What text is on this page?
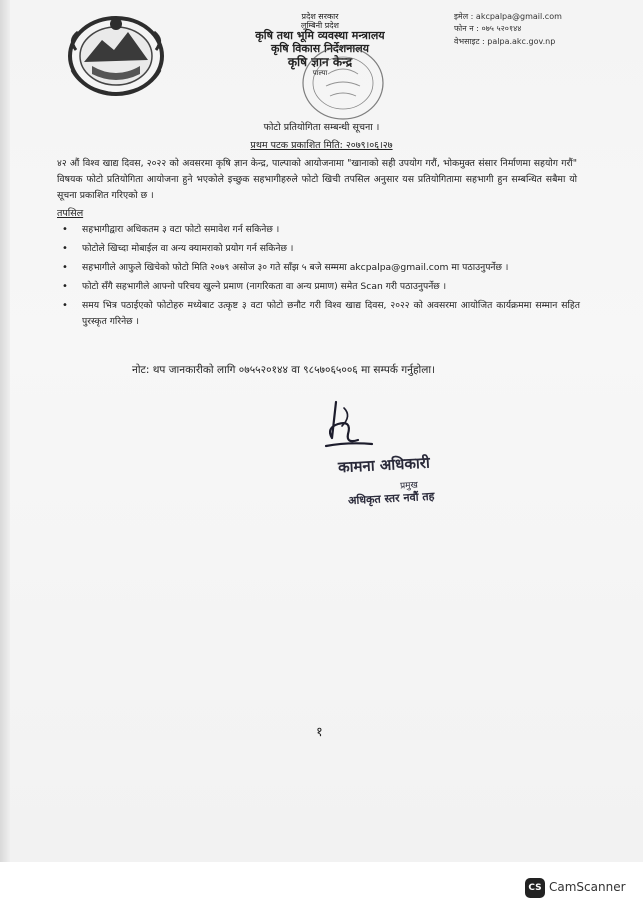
प्रदेश सरकार
लुम्बिनी प्रदेश
कृषि तथा भूमि व्यवस्था मन्त्रालय
कृषि विकास निर्देशनालय
कृषि ज्ञान केन्द्र
पाल्पा
इमेल : akcpalpa@gmail.com
फोन न : ०७५ ५२०१४४
वेभसाइट : palpa.akc.gov.np
फोटो प्रतियोगिता सम्बन्धी सूचना ।
प्रथम पटक प्रकाशित मिति: २०७९।०६।२७
४२ औं विश्व खाद्य दिवस, २०२२ को अवसरमा कृषि ज्ञान केन्द्र, पाल्पाको आयोजनामा "खानाको सही उपयोग गरौं, भोकमुक्त संसार निर्माणमा सहयोग गरौं" विषयक फोटो प्रतियोगिता आयोजना हुने भएकोले इच्छुक सहभागीहरुले फोटो खिची तपसिल अनुसार यस प्रतियोगितामा सहभागी हुन सम्बन्धित सबैमा यो सूचना प्रकाशित गरिएको छ ।
तपसिल
• सहभागीद्वारा अधिकतम ३ वटा फोटो समावेश गर्न सकिनेछ ।
• फोटोले खिच्दा मोबाईल वा अन्य क्यामराको प्रयोग गर्न सकिनेछ ।
• सहभागीले आफुले खिचेको फोटो मिति २०७९ असोज ३० गते साँझ ५ बजे सम्ममा akcpalpa@gmail.com मा पठाउनुपर्नेछ ।
• फोटो सँगै सहभागीले आफ्नो परिचय खुल्ने प्रमाण (नागरिकता वा अन्य प्रमाण) समेत Scan गरी पठाउनुपर्नेछ ।
• समय भित्र पठाईएको फोटोहरु मध्येबाट उत्कृष्ट ३ वटा फोटो छनौट गरी विश्व खाद्य दिवस, २०२२ को अवसरमा आयोजित कार्यक्रममा सम्मान सहित पुरस्कृत गरिनेछ ।
नोट: थप जानकारीको लागि ०७५५२०१४४ वा ९८५७०६५००६ मा सम्पर्क गर्नुहोला।
कामना अधिकारी
प्रमुख
अधिकृत स्तर नवौं तह
१
CS CamScanner
